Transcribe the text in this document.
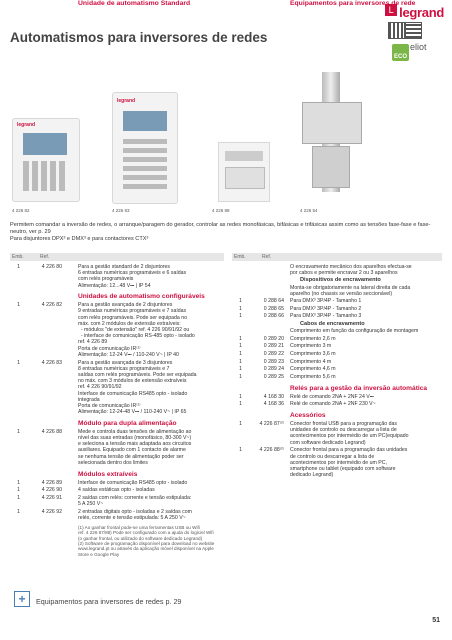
Automatismos para inversores de redes
L legrand
ECO
eliot
legrand
4 226 82
legrand
4 226 83	4 226 88	4 226 54
Permitem comandar a inversão de redes, o arranque/paragem do gerador, controlar as redes monofásicas, bifásicas e trifásicas assim como as tensões fase-fase e fase-neutro, ver p. 29
Para disjuntores DPX³ e DMX³ e para contactores CTX³
Emb.	Ref.
Unidade de automatismo Standard
Emb.	Ref.
Equipamentos para inversores de rede
1	4 226 80	Para a gestão standard de 2 disjuntores
6 entradas numéricas programáveis e 6 saídas
com relés programáveis
Alimentação: 12...48 V⎓ | IP 54
Unidades de automatismo configuráveis
1	4 226 82	Para a gestão avançada de 2 disjuntores
9 entradas numéricas programáveis e 7 saídas
com relés programáveis. Pode ser equipada no
máx. com 2 módulos de extensão extraíveis:
- módulos "de extensão" ref. 4 226 90/91/92 ou
- interface de comunicação RS-485 opto - isolado
ref. 4 226 89
Porta de comunicação IR⁽¹⁾
Alimentação: 12-24 V⎓ / 110-240 V~ | IP 40
1	4 226 83	Para a gestão avançada de 3 disjuntores
8 entradas numéricas programáveis e 7
saídas com relés programáveis. Pode ser equipada
no máx. com 3 módulos de extensão extraíveis
ref. 4 226 90/91/92
Interface de comunicação RS485 opto - isolado
integrada
Porta de comunicação IR⁽¹⁾
Alimentação: 12-24-48 V⎓ / 110-240 V~ | IP 65
Módulo para dupla alimentação
1	4 226 88	Mede e controla duas tensões de alimentação ao
nível das suas entradas (monofásico, 80-300 V~)
e seleciona a tensão mais adaptada aos circuitos
auxiliares. Equipado com 1 contacto de alarme
se nenhuma tensão de alimentação poder ser
selecionada dentro dos limites
Módulos extraíveis
1	4 226 89	Interface de comunicação RS485 opto - isolado
1	4 226 90	4 saídas estáticas opto - isoladas
1	4 226 91	2 saídas com relés: corrente e tensão estipulada:
5 A 250 V~
1	4 226 92	2 entradas digitais opto - isoladas e 2 saídas com
relés, corrente e tensão estipulada: 5 A 250 V~
(1) Ao ganhar frontal pode-se uma ferramentas USB ou Wifi
ref. 4 226 87/88) Pode ser configurado com a ajuda do logiciel Wifi
(o ganhar frontal, ou utilizado do software dedicado Legrand)
(2) Software de programação disponível para download no website
www.legrand.pt ou através da aplicação móvel disponível na Apple
Store e Google Play
O encravamento mecânico dos aparelhos efectua-se
por cabos e permite encravar 2 ou 3 aparelhos
Dispositivos de encravamento
Monta-se obrigatoriamente na lateral direita de cada
aparelho (no chassis se versão seccionável)
1	0 288 64 Para DMX³ 3P/4P - Tamanho 1
1	0 288 65 Para DMX³ 3P/4P - Tamanho 2
1	0 288 66 Para DMX³ 3P/4P - Tamanho 3
Cabos de encravamento
Comprimento em função da configuração de montagem
1	0 289 20 Comprimento 2,6 m
1	0 289 21 Comprimento 3 m
1	0 289 22 Comprimento 3,6 m
1	0 289 23 Comprimento 4 m
1	0 289 24 Comprimento 4,6 m
1	0 289 25 Comprimento 5,6 m
Relés para a gestão da inversão automática
1	4 168 30 Relé de comando 2NA + 2NF 24 V⎓
1	4 168 36 Relé de comando 2NA + 2NF 230 V~
Acessórios
1	4 226 87⁽²⁾ Conector frontal USB para a programação das
unidades de controlo ou descarregar a lista de
acontecimentos por intermédio de um PC(equipado
com software dedicado Legrand)
1	4 226 88⁽²⁾ Conector frontal para a programação das unidades
de controlo ou descarregar a lista de
acontecimentos por intermédio de um PC,
smartphone ou tablet (equipado com software
dedicado Legrand)
+	Equipamentos para inversores de redes p. 29
51
